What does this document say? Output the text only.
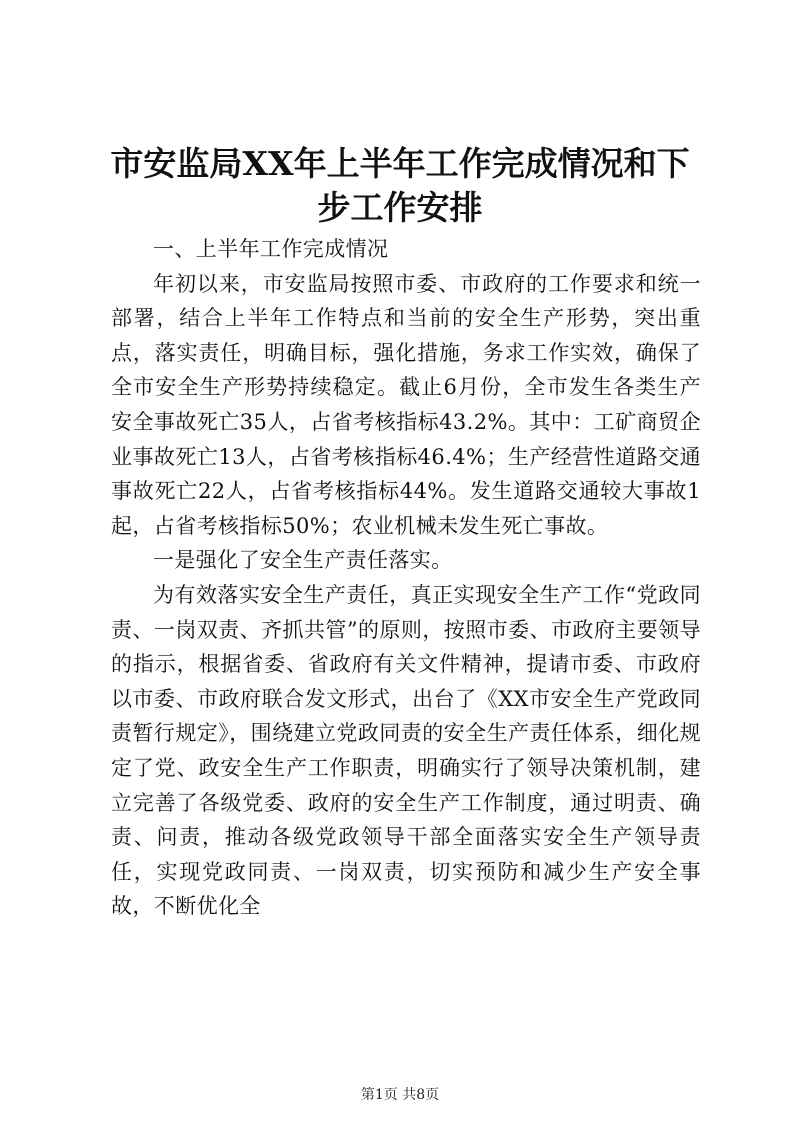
市安监局XX年上半年工作完成情况和下步工作安排

一、上半年工作完成情况

年初以来，市安监局按照市委、市政府的工作要求和统一部署，结合上半年工作特点和当前的安全生产形势，突出重点，落实责任，明确目标，强化措施，务求工作实效，确保了全市安全生产形势持续稳定。截止6月份，全市发生各类生产安全事故死亡35人，占省考核指标43.2%。其中：工矿商贸企业事故死亡13人，占省考核指标46.4%；生产经营性道路交通事故死亡22人，占省考核指标44%。发生道路交通较大事故1起，占省考核指标50%；农业机械未发生死亡事故。

一是强化了安全生产责任落实。

为有效落实安全生产责任，真正实现安全生产工作“党政同责、一岗双责、齐抓共管”的原则，按照市委、市政府主要领导的指示，根据省委、省政府有关文件精神，提请市委、市政府以市委、市政府联合发文形式，出台了《XX市安全生产党政同责暂行规定》，围绕建立党政同责的安全生产责任体系，细化规定了党、政安全生产工作职责，明确实行了领导决策机制，建立完善了各级党委、政府的安全生产工作制度，通过明责、确责、问责，推动各级党政领导干部全面落实安全生产领导责任，实现党政同责、一岗双责，切实预防和减少生产安全事故，不断优化全

第1页 共8页
